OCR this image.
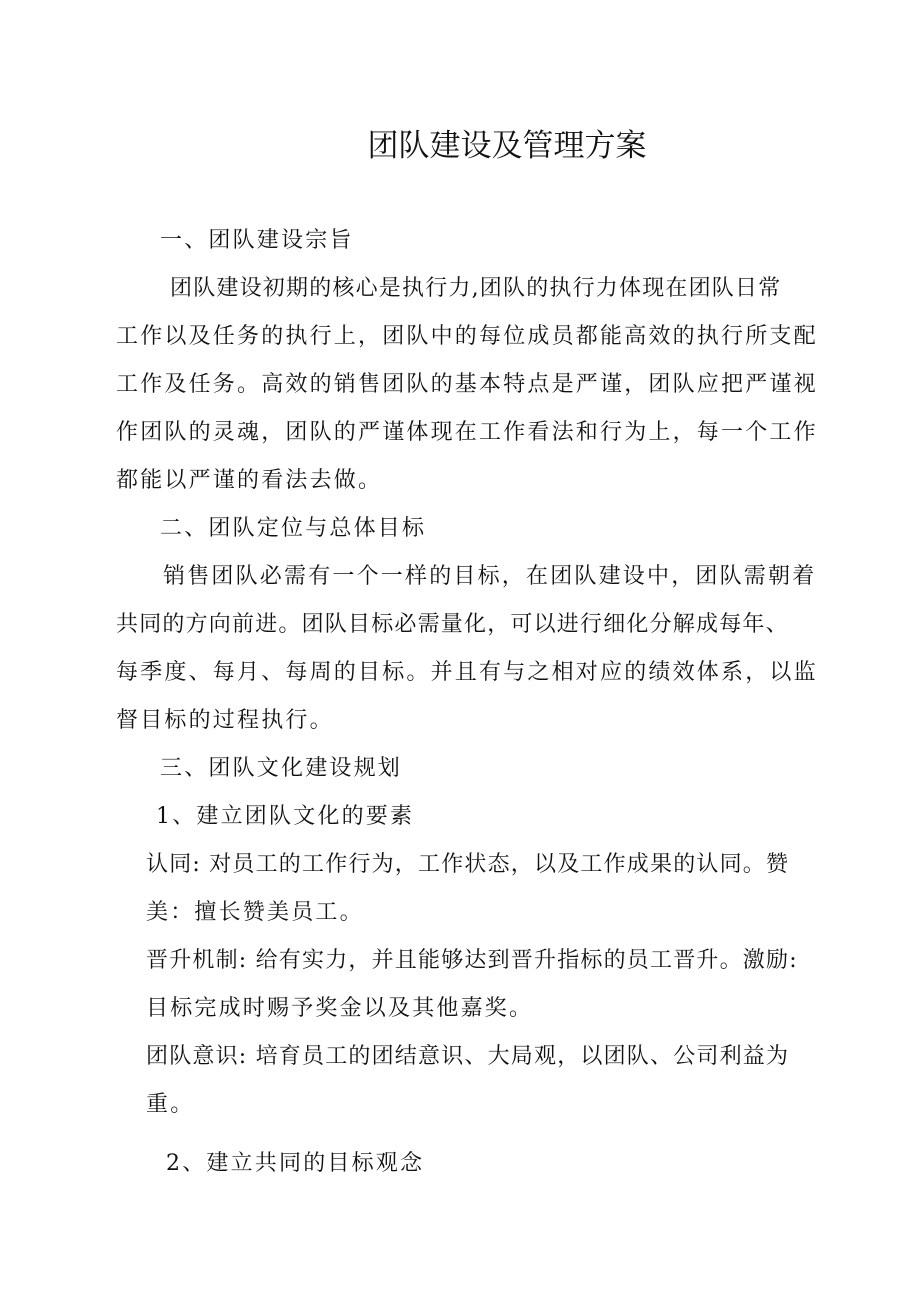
团队建设及管理方案
一、团队建设宗旨
团队建设初期的核心是执行力,团队的执行力体现在团队日常
工作以及任务的执行上，团队中的每位成员都能高效的执行所支配
工作及任务。高效的销售团队的基本特点是严谨，团队应把严谨视
作团队的灵魂，团队的严谨体现在工作看法和行为上，每一个工作
都能以严谨的看法去做。
二、团队定位与总体目标
销售团队必需有一个一样的目标，在团队建设中，团队需朝着
共同的方向前进。团队目标必需量化，可以进行细化分解成每年、
每季度、每月、每周的目标。并且有与之相对应的绩效体系，以监
督目标的过程执行。
三、团队文化建设规划
1、建立团队文化的要素
认同: 对员工的工作行为，工作状态，以及工作成果的认同。赞
美：擅长赞美员工。
晋升机制: 给有实力，并且能够达到晋升指标的员工晋升。激励:
目标完成时赐予奖金以及其他嘉奖。
团队意识: 培育员工的团结意识、大局观，以团队、公司利益为
重。
2、建立共同的目标观念
